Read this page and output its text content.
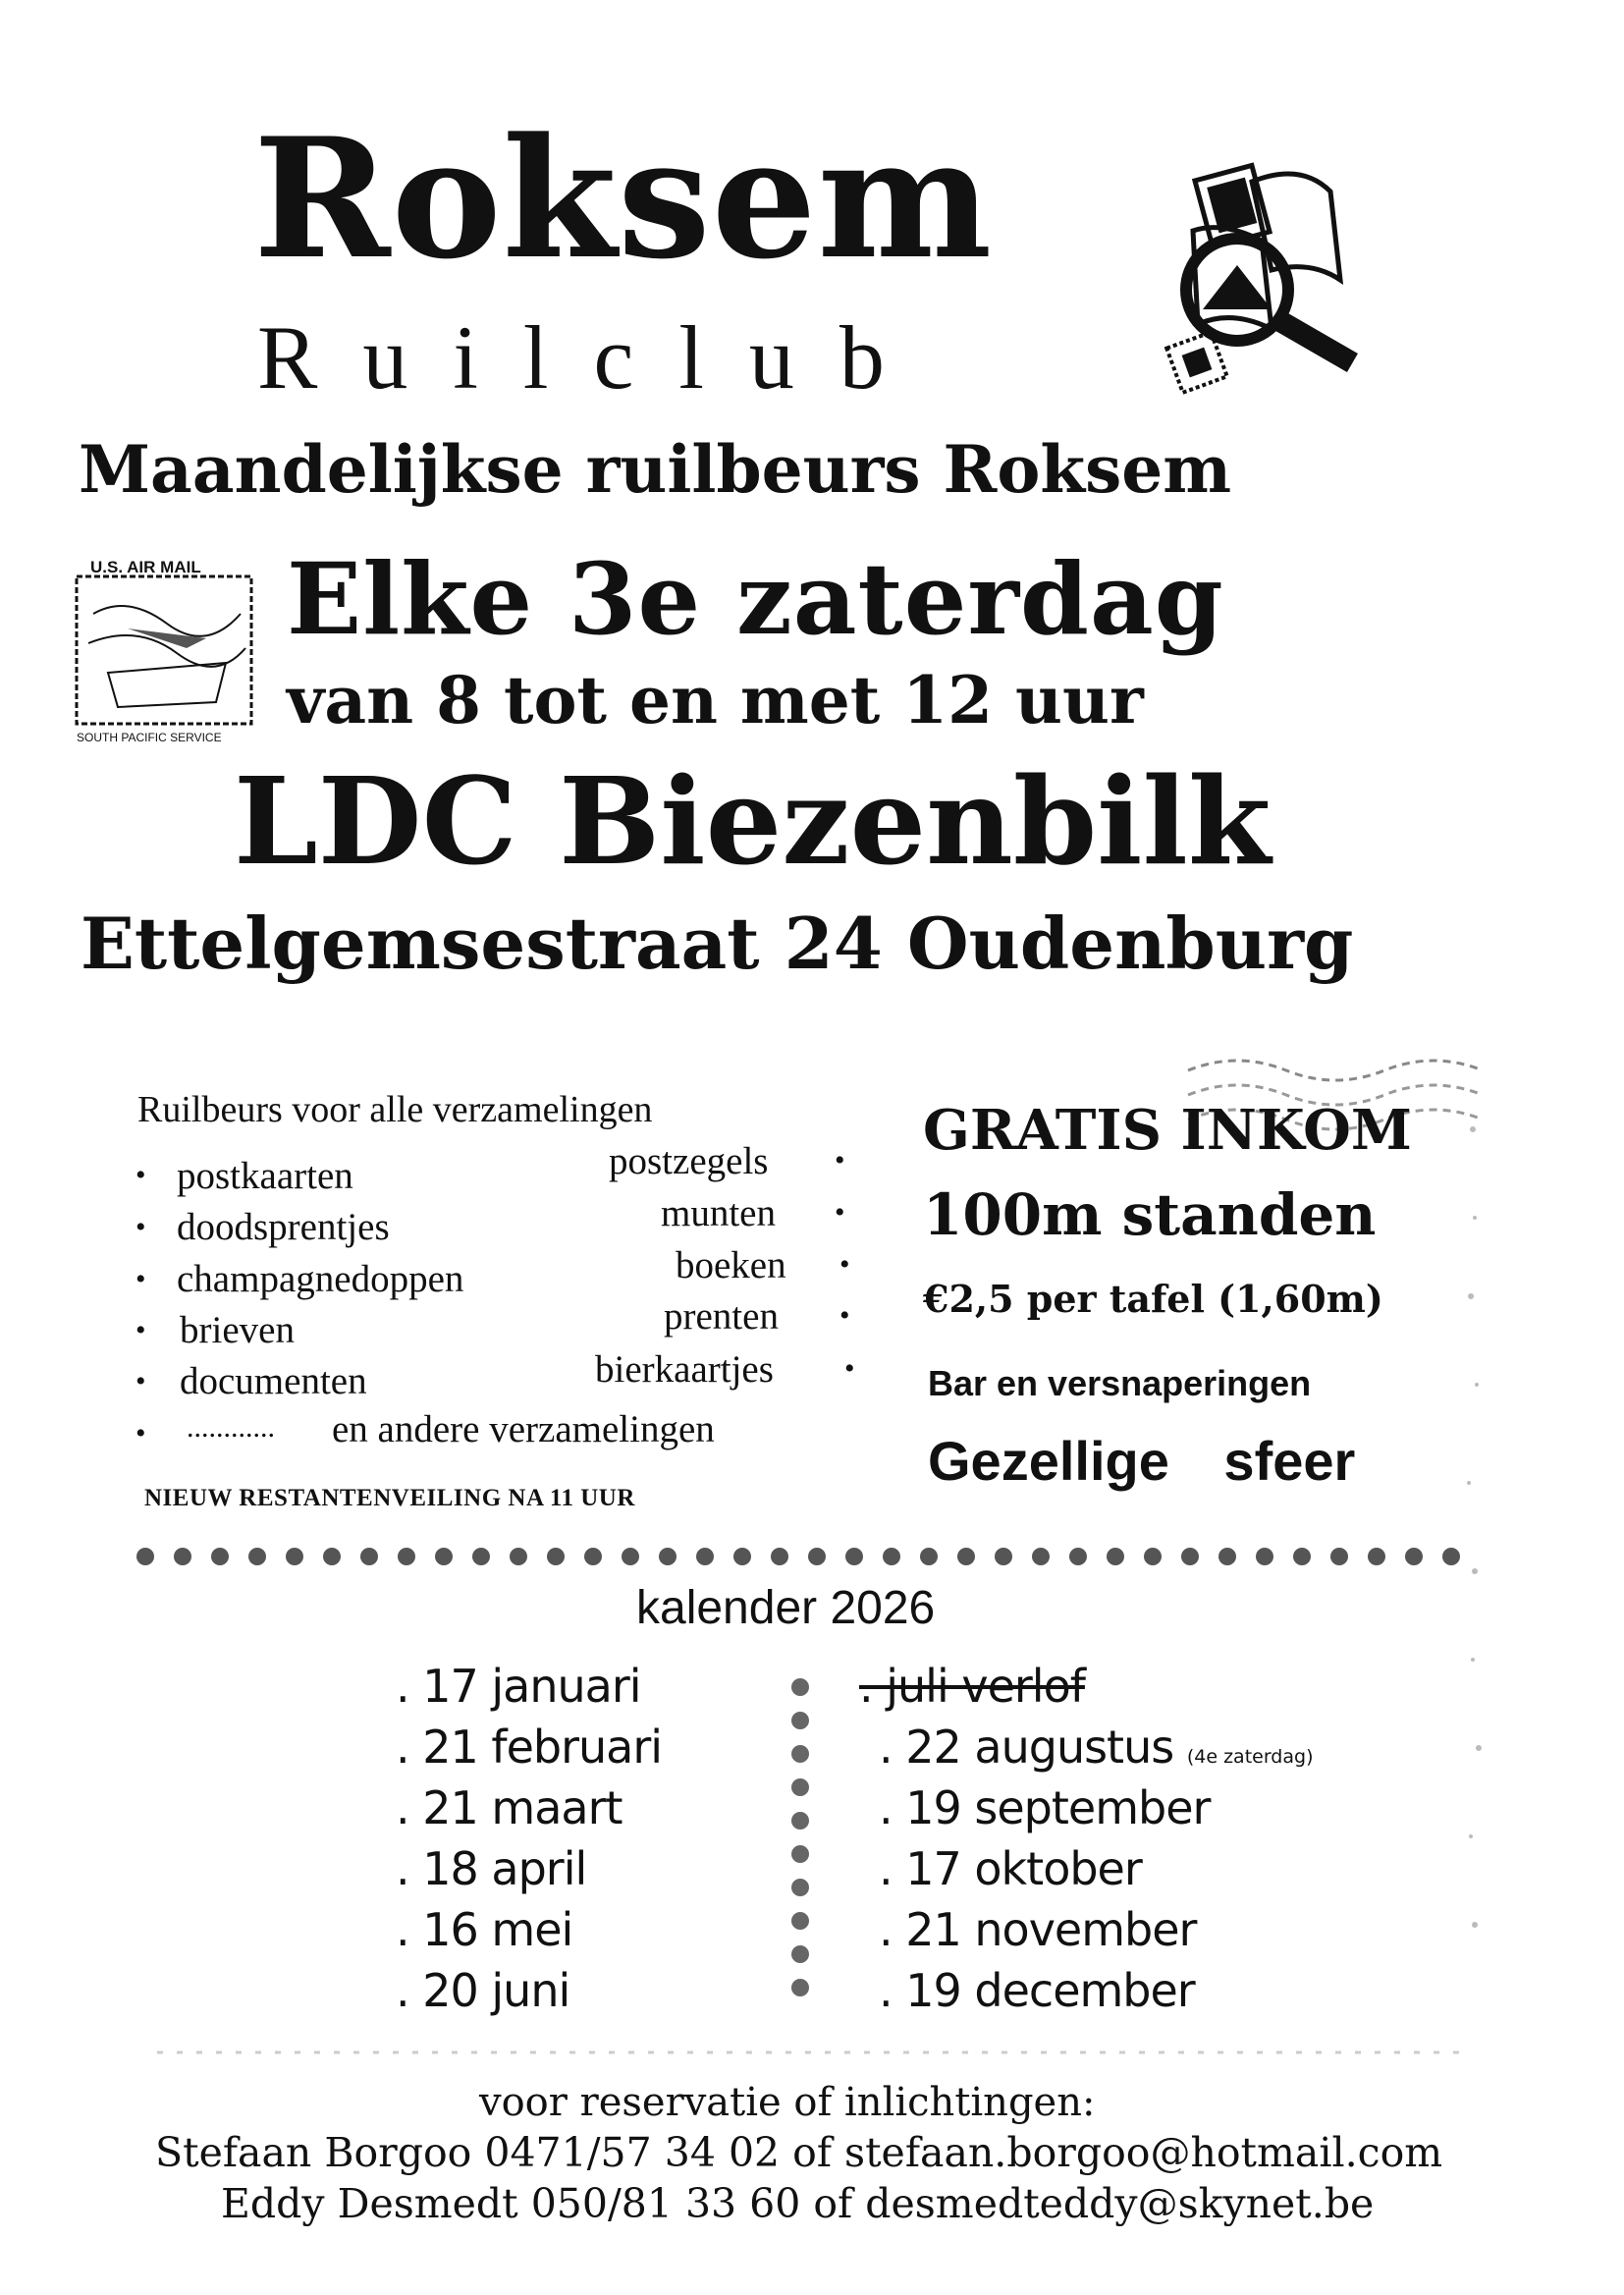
Roksem
Ruilclub
Maandelijkse ruilbeurs Roksem
Elke 3e zaterdag
van 8 tot en met 12 uur
LDC Biezenbilk
Ettelgemsestraat 24 Oudenburg
U.S. AIR MAIL
SOUTH PACIFIC SERVICE
Ruilbeurs voor alle verzamelingen
• postkaarten	postzegels •
• doodsprentjes	munten •
• champagnedoppen	boeken •
• brieven	prenten •
• documenten	bierkaartjes •
• ............ en andere verzamelingen
NIEUW RESTANTENVEILING NA 11 UUR
GRATIS INKOM
100m standen
€2,5 per tafel (1,60m)
Bar en versnaperingen
Gezellige sfeer
kalender 2026
. 17 januari
. 21 februari
. 21 maart
. 18 april
. 16 mei
. 20 juni
. juli verlof
. 22 augustus (4e zaterdag)
. 19 september
. 17 oktober
. 21 november
. 19 december
voor reservatie of inlichtingen:
Stefaan Borgoo 0471/57 34 02 of stefaan.borgoo@hotmail.com
Eddy Desmedt 050/81 33 60 of desmedteddy@skynet.be
